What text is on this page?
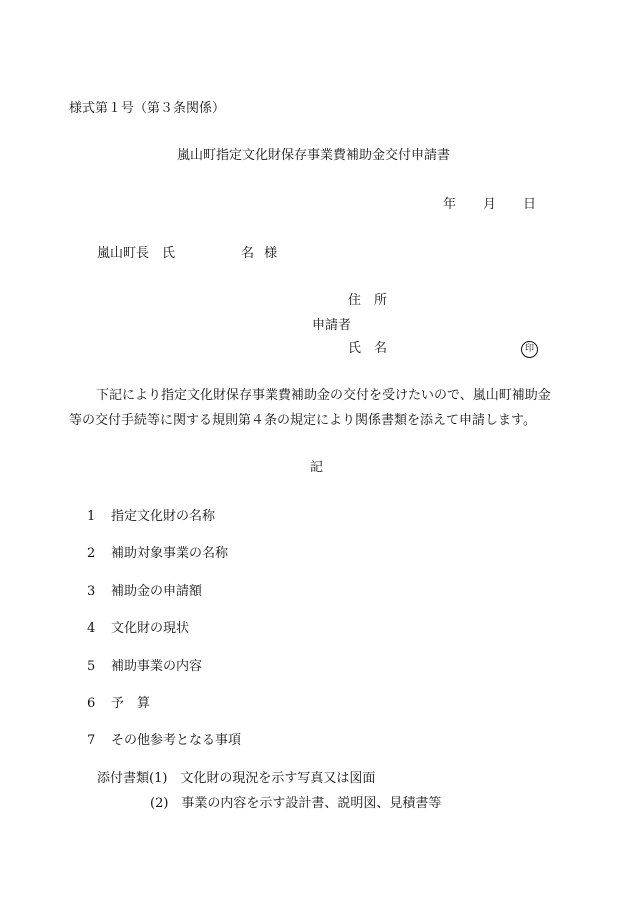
様式第１号（第３条関係）
嵐山町指定文化財保存事業費補助金交付申請書
年 月 日
嵐山町長　 氏	名 様
住　所
申請者
氏　名	印
下記により指定文化財保存事業費補助金の交付を受けたいので、嵐山町補助金
等の交付手続等に関する規則第４条の規定により関係書類を添えて申請します。
記
1 指定文化財の名称
2 補助対象事業の名称
3 補助金の申請額
4 文化財の現状
5 補助事業の内容
6 予　算
7 その他参考となる事項
添付書類(1)　文化財の現況を示す写真又は図面
(2)　事業の内容を示す設計書、説明図、見積書等
